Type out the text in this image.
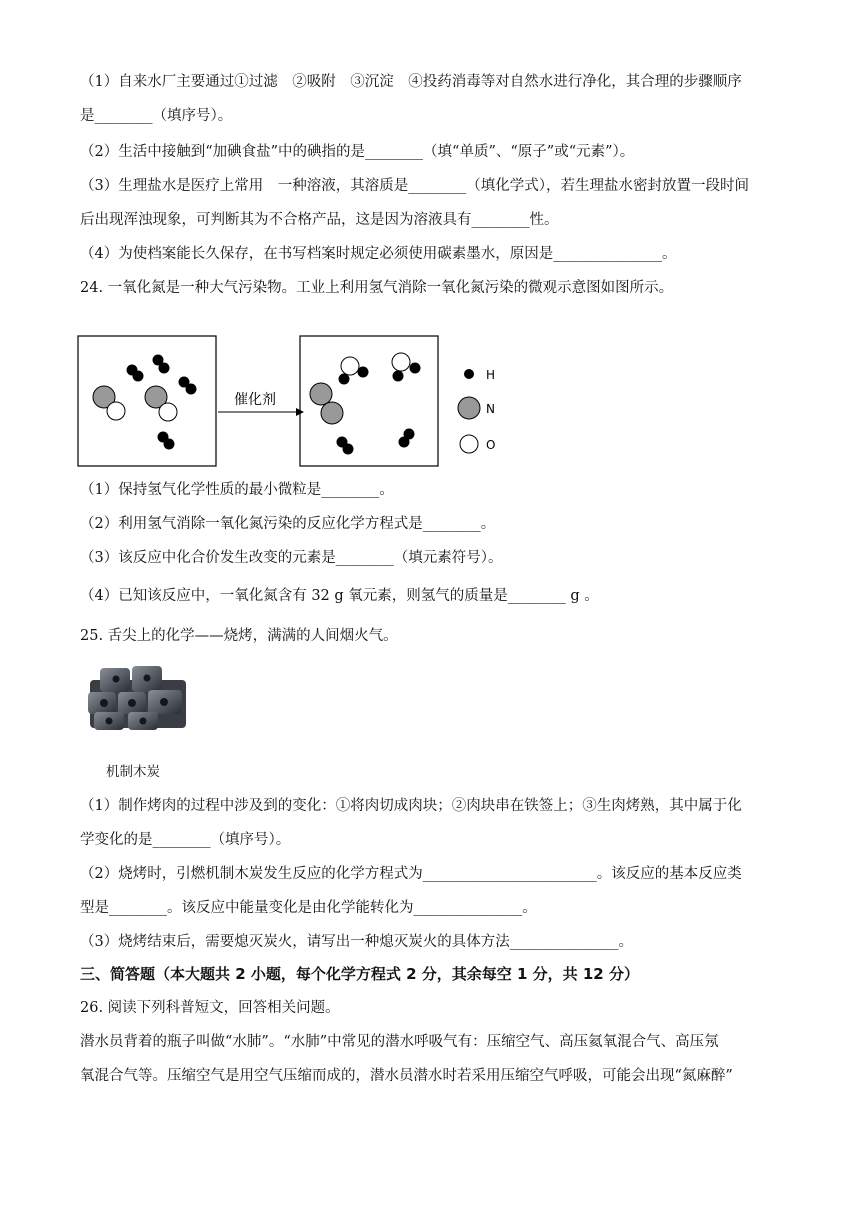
（1）自来水厂主要通过①过滤　②吸附　③沉淀　④投药消毒等对自然水进行净化，其合理的步骤顺序
是________（填序号）。
（2）生活中接触到“加碘食盐”中的碘指的是________（填“单质”、“原子”或“元素”）。
（3）生理盐水是医疗上常用　一种溶液，其溶质是________（填化学式），若生理盐水密封放置一段时间
后出现浑浊现象，可判断其为不合格产品，这是因为溶液具有________性。
（4）为使档案能长久保存，在书写档案时规定必须使用碳素墨水，原因是_______________。
24. 一氧化氮是一种大气污染物。工业上利用氢气消除一氧化氮污染的微观示意图如图所示。
催化剂
H
N
O
（1）保持氢气化学性质的最小微粒是________。
（2）利用氢气消除一氧化氮污染的反应化学方程式是________。
（3）该反应中化合价发生改变的元素是________（填元素符号）。
（4）已知该反应中，一氧化氮含有 32 g 氧元素，则氢气的质量是________ g 。
25. 舌尖上的化学——烧烤，满满的人间烟火气。
机制木炭
（1）制作烤肉的过程中涉及到的变化：①将肉切成肉块；②肉块串在铁签上；③生肉烤熟，其中属于化
学变化的是________（填序号）。
（2）烧烤时，引燃机制木炭发生反应的化学方程式为________________________。该反应的基本反应类
型是________。该反应中能量变化是由化学能转化为_______________。
（3）烧烤结束后，需要熄灭炭火，请写出一种熄灭炭火的具体方法_______________。
三、简答题（本大题共 2 小题，每个化学方程式 2 分，其余每空 1 分，共 12 分）
26. 阅读下列科普短文，回答相关问题。
潜水员背着的瓶子叫做“水肺”。“水肺”中常见的潜水呼吸气有：压缩空气、高压氦氧混合气、高压氖
氧混合气等。压缩空气是用空气压缩而成的，潜水员潜水时若采用压缩空气呼吸，可能会出现“氮麻醉”
